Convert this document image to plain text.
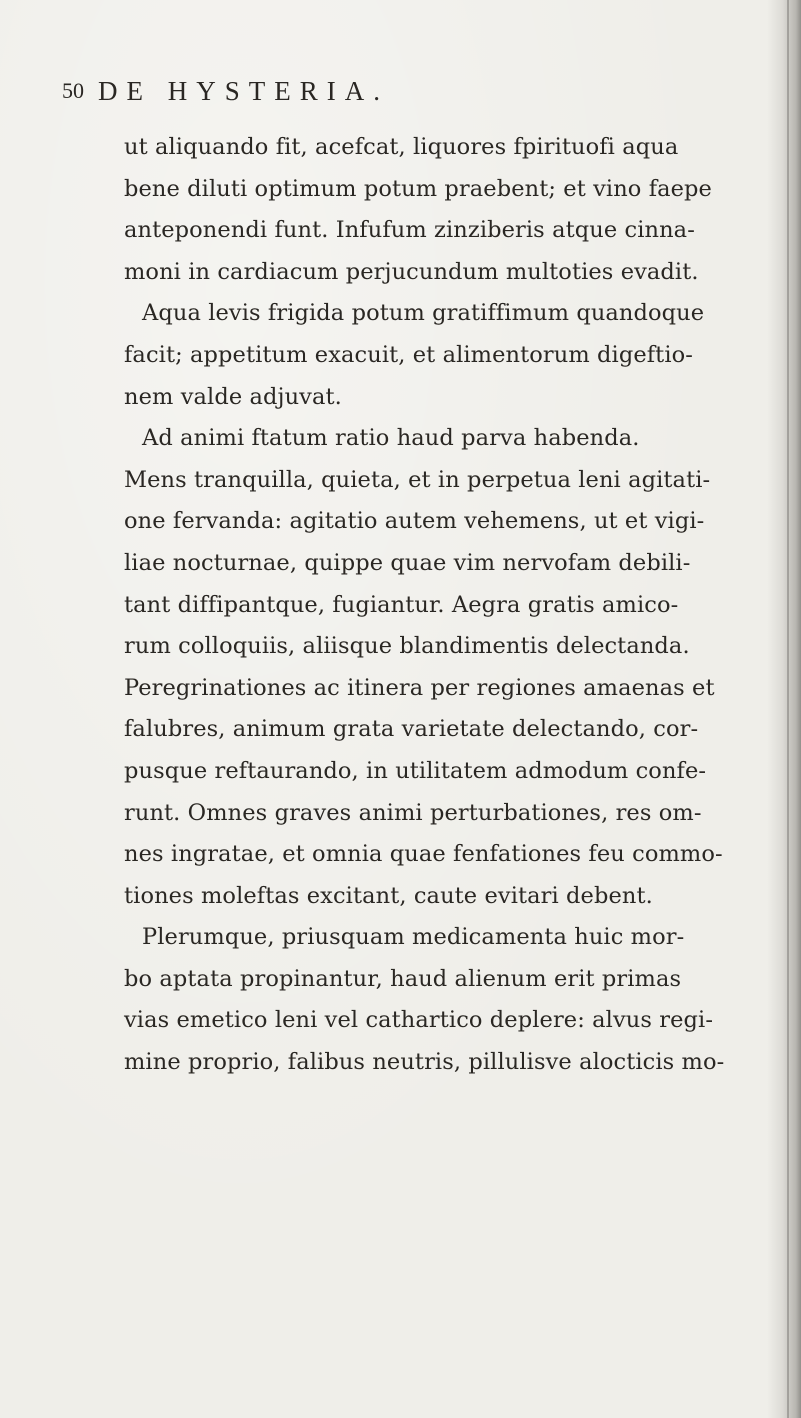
50 DE HYSTERIA.
ut aliquando fit, acefcat, liquores fpirituofi aqua
bene diluti optimum potum praebent; et vino faepe
anteponendi funt. Infufum zinziberis atque cinna-
moni in cardiacum perjucundum multoties evadit.
Aqua levis frigida potum gratiffimum quandoque
facit; appetitum exacuit, et alimentorum digeftio-
nem valde adjuvat.
Ad animi ftatum ratio haud parva habenda.
Mens tranquilla, quieta, et in perpetua leni agitati-
one fervanda: agitatio autem vehemens, ut et vigi-
liae nocturnae, quippe quae vim nervofam debili-
tant diffipantque, fugiantur. Aegra gratis amico-
rum colloquiis, aliisque blandimentis delectanda.
Peregrinationes ac itinera per regiones amaenas et
falubres, animum grata varietate delectando, cor-
pusque reftaurando, in utilitatem admodum confe-
runt. Omnes graves animi perturbationes, res om-
nes ingratae, et omnia quae fenfationes feu commo-
tiones moleftas excitant, caute evitari debent.
Plerumque, priusquam medicamenta huic mor-
bo aptata propinantur, haud alienum erit primas
vias emetico leni vel cathartico deplere: alvus regi-
mine proprio, falibus neutris, pillulisve alocticis mo-
